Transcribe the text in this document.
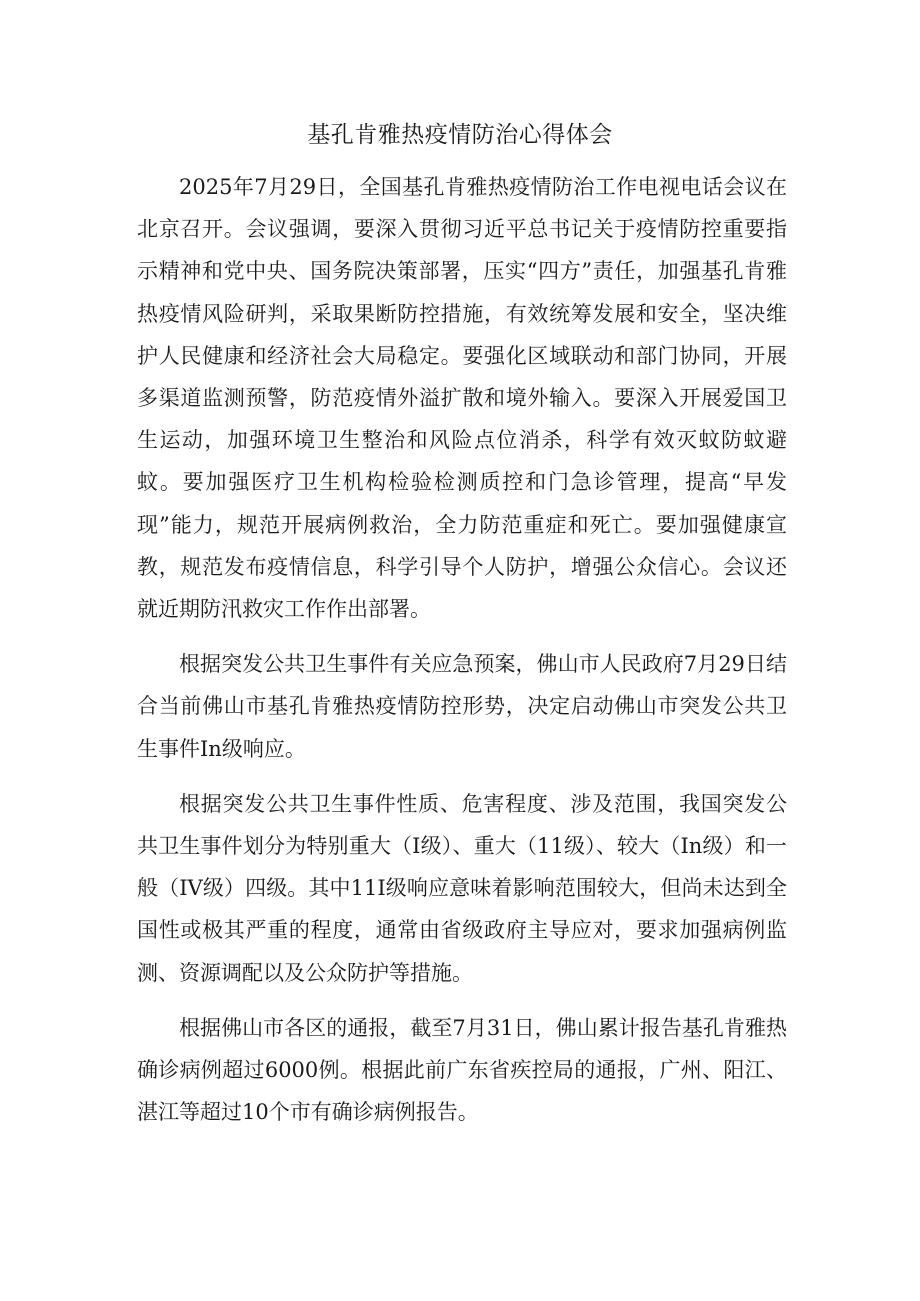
基孔肯雅热疫情防治心得体会

2025年7月29日，全国基孔肯雅热疫情防治工作电视电话会议在北京召开。会议强调，要深入贯彻习近平总书记关于疫情防控重要指示精神和党中央、国务院决策部署，压实“四方”责任，加强基孔肯雅热疫情风险研判，采取果断防控措施，有效统筹发展和安全，坚决维护人民健康和经济社会大局稳定。要强化区域联动和部门协同，开展多渠道监测预警，防范疫情外溢扩散和境外输入。要深入开展爱国卫生运动，加强环境卫生整治和风险点位消杀，科学有效灭蚊防蚊避蚊。要加强医疗卫生机构检验检测质控和门急诊管理，提高“早发现”能力，规范开展病例救治，全力防范重症和死亡。要加强健康宣教，规范发布疫情信息，科学引导个人防护，增强公众信心。会议还就近期防汛救灾工作作出部署。

根据突发公共卫生事件有关应急预案，佛山市人民政府7月29日结合当前佛山市基孔肯雅热疫情防控形势，决定启动佛山市突发公共卫生事件In级响应。

根据突发公共卫生事件性质、危害程度、涉及范围，我国突发公共卫生事件划分为特别重大（I级）、重大（11级）、较大（In级）和一般（IV级）四级。其中11I级响应意味着影响范围较大，但尚未达到全国性或极其严重的程度，通常由省级政府主导应对，要求加强病例监测、资源调配以及公众防护等措施。

根据佛山市各区的通报，截至7月31日，佛山累计报告基孔肯雅热确诊病例超过6000例。根据此前广东省疾控局的通报，广州、阳江、湛江等超过10个市有确诊病例报告。
